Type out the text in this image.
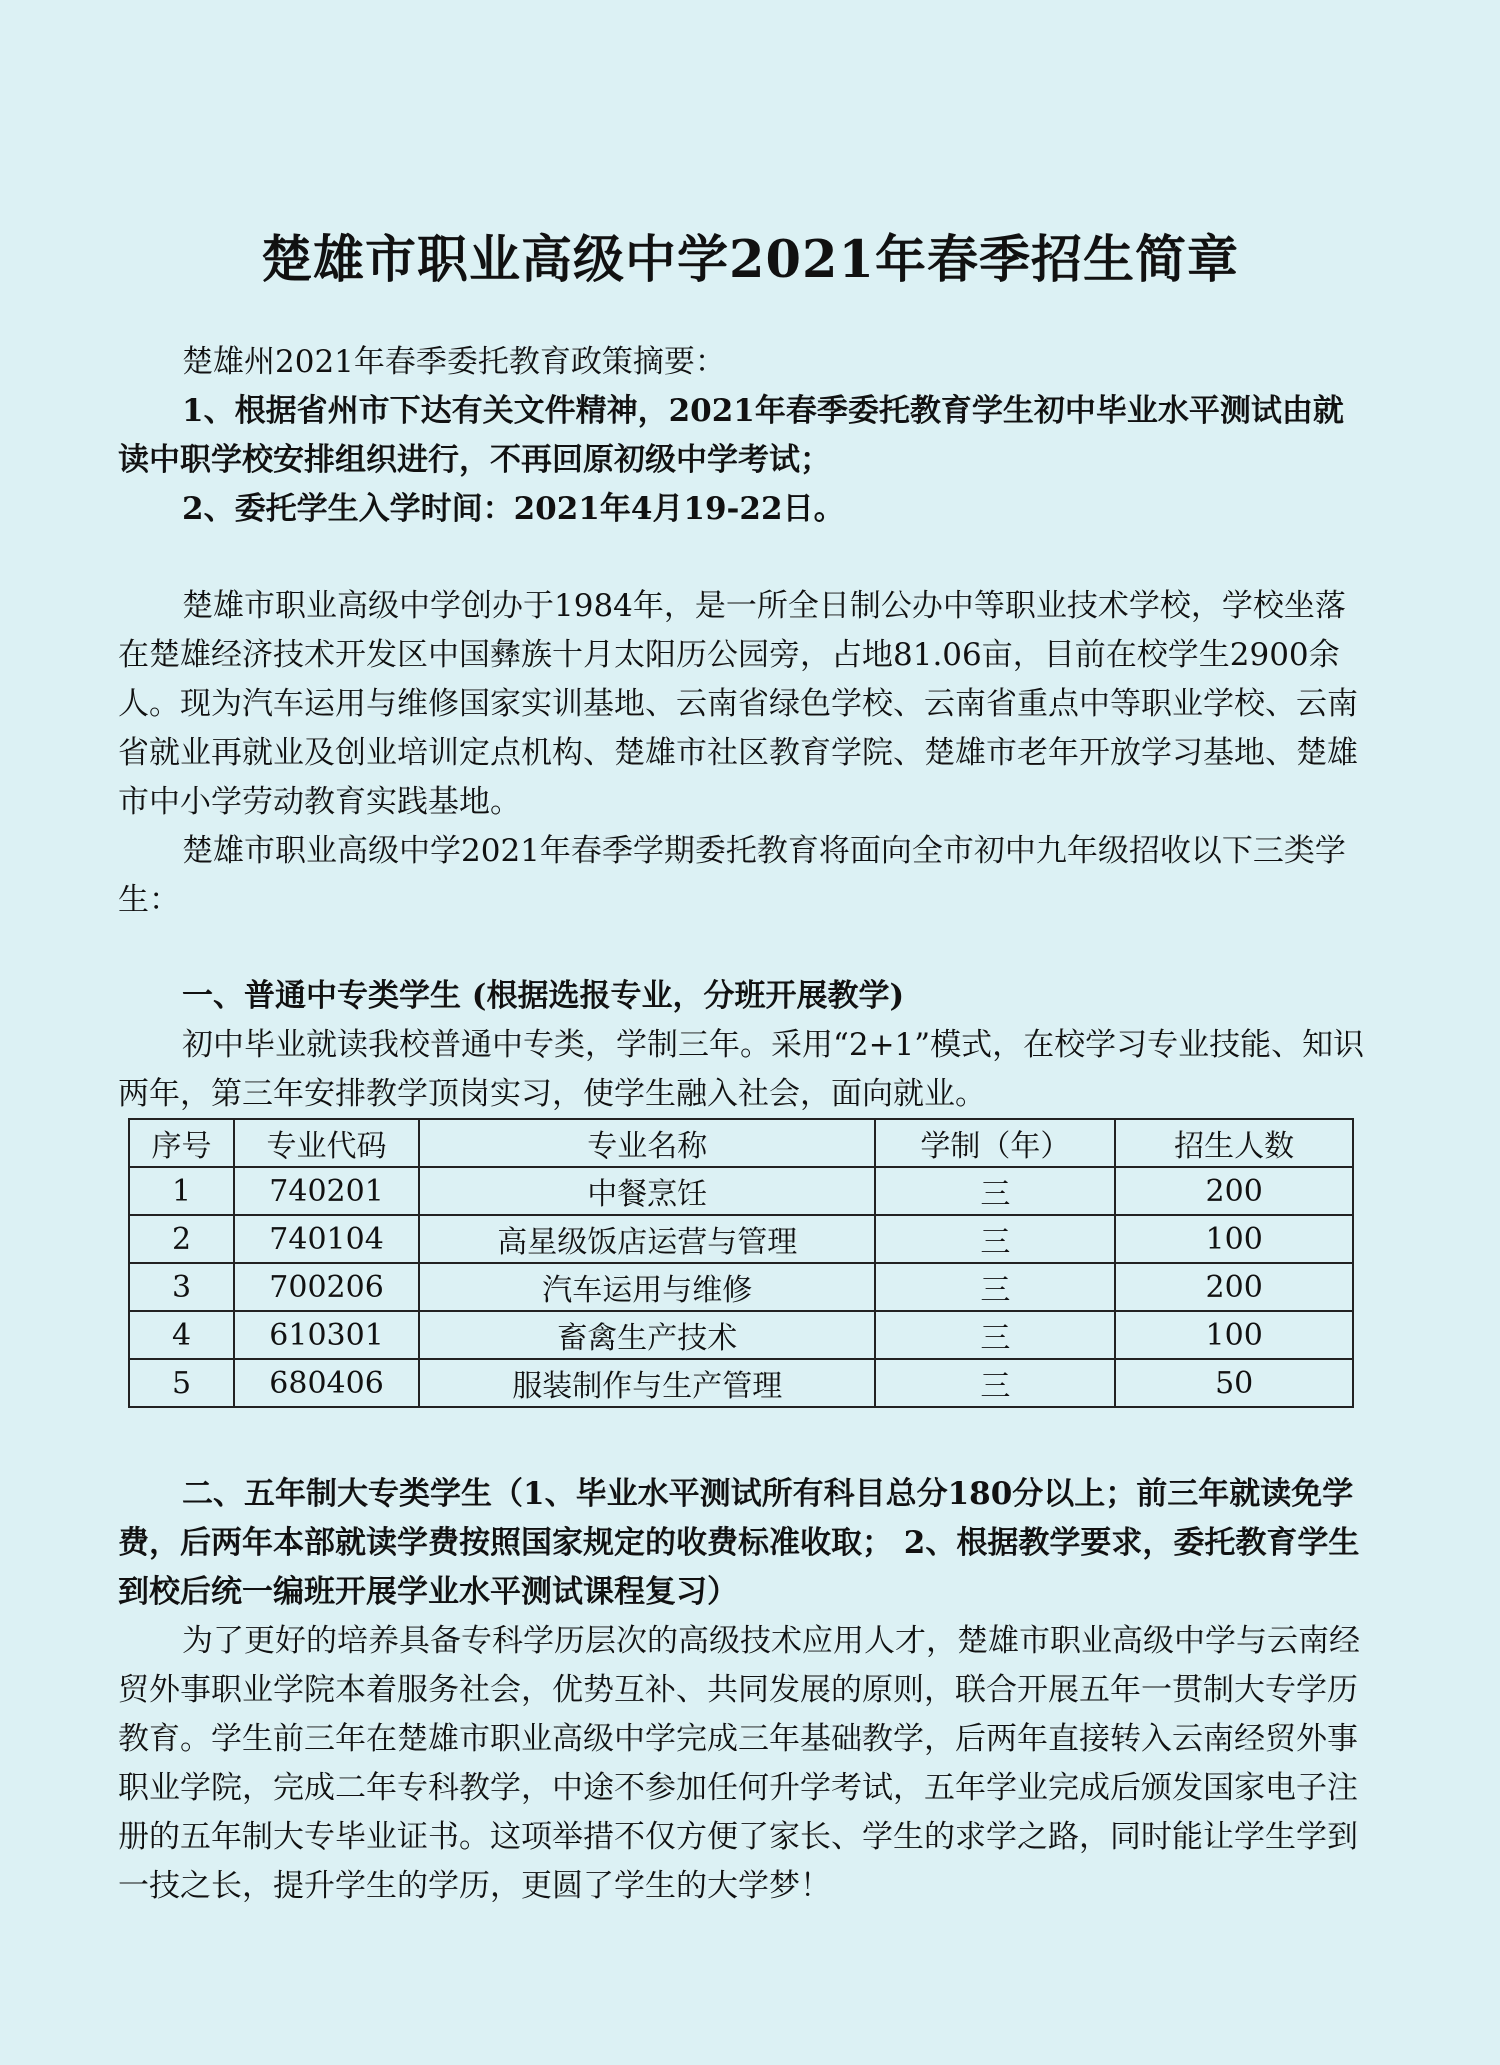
楚雄市职业高级中学2021年春季招生简章

楚雄州2021年春季委托教育政策摘要：

1、根据省州市下达有关文件精神，2021年春季委托教育学生初中毕业水平测试由就读中职学校安排组织进行，不再回原初级中学考试；

2、委托学生入学时间：2021年4月19-22日。

楚雄市职业高级中学创办于1984年，是一所全日制公办中等职业技术学校，学校坐落在楚雄经济技术开发区中国彝族十月太阳历公园旁，占地81.06亩，目前在校学生2900余人。现为汽车运用与维修国家实训基地、云南省绿色学校、云南省重点中等职业学校、云南省就业再就业及创业培训定点机构、楚雄市社区教育学院、楚雄市老年开放学习基地、楚雄市中小学劳动教育实践基地。

楚雄市职业高级中学2021年春季学期委托教育将面向全市初中九年级招收以下三类学生：

一、普通中专类学生 (根据选报专业，分班开展教学)

初中毕业就读我校普通中专类，学制三年。采用“2+1”模式，在校学习专业技能、知识两年，第三年安排教学顶岗实习，使学生融入社会，面向就业。

序号	专业代码	专业名称	学制（年）	招生人数
1	740201	中餐烹饪	三	200
2	740104	高星级饭店运营与管理	三	100
3	700206	汽车运用与维修	三	200
4	610301	畜禽生产技术	三	100
5	680406	服装制作与生产管理	三	50

二、五年制大专类学生（1、毕业水平测试所有科目总分180分以上；前三年就读免学费，后两年本部就读学费按照国家规定的收费标准收取； 2、根据教学要求，委托教育学生到校后统一编班开展学业水平测试课程复习）

为了更好的培养具备专科学历层次的高级技术应用人才，楚雄市职业高级中学与云南经贸外事职业学院本着服务社会，优势互补、共同发展的原则，联合开展五年一贯制大专学历教育。学生前三年在楚雄市职业高级中学完成三年基础教学，后两年直接转入云南经贸外事职业学院，完成二年专科教学，中途不参加任何升学考试，五年学业完成后颁发国家电子注册的五年制大专毕业证书。这项举措不仅方便了家长、学生的求学之路，同时能让学生学到一技之长，提升学生的学历，更圆了学生的大学梦！
